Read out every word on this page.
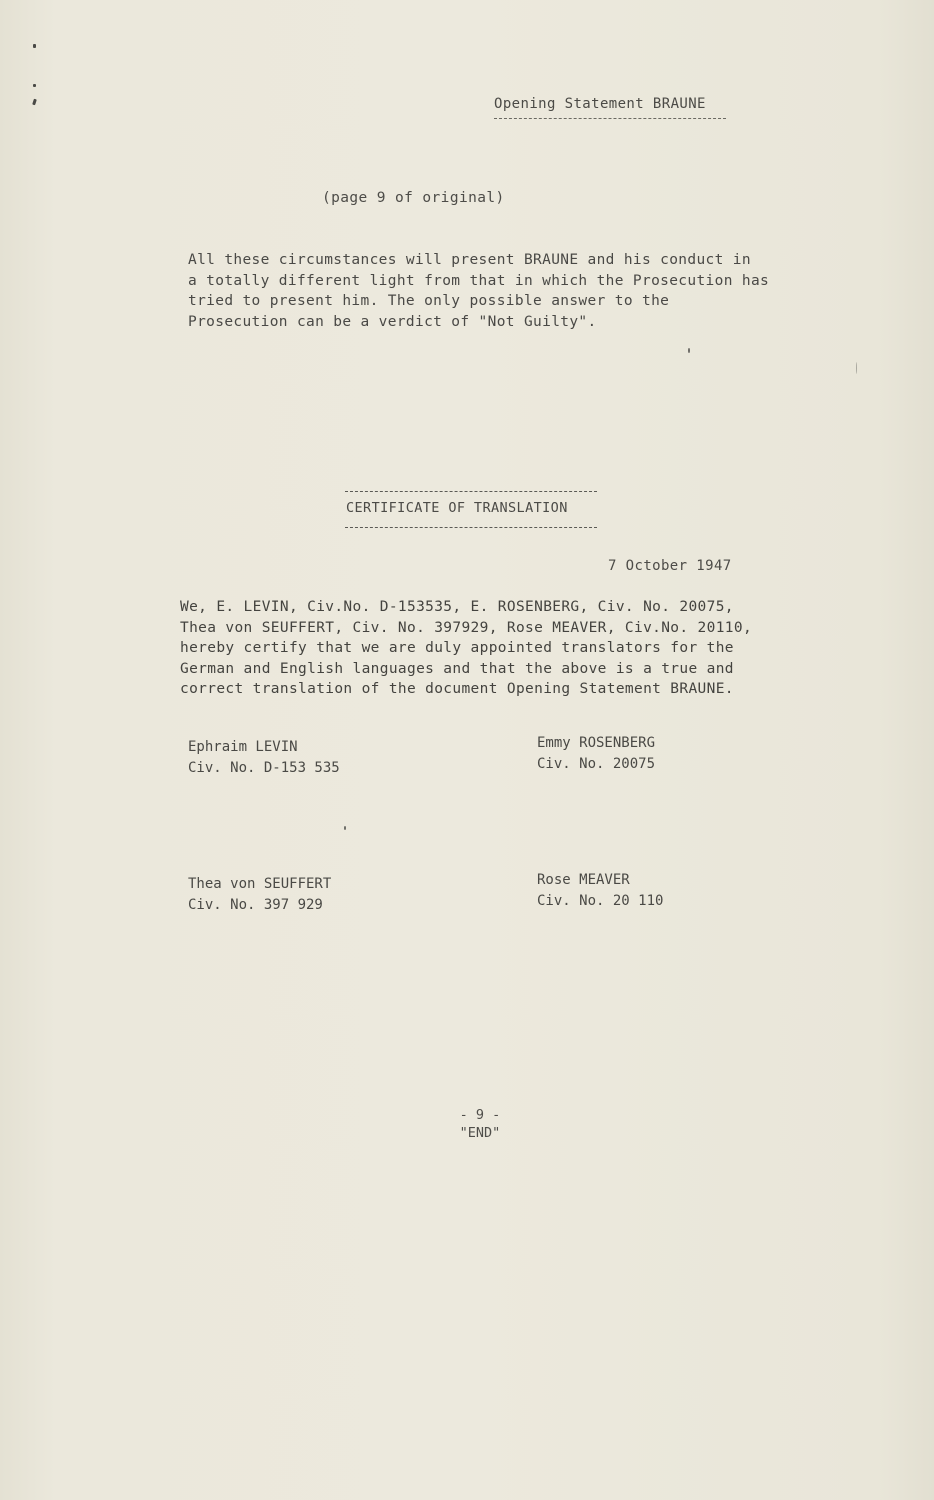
Opening Statement BRAUNE
(page 9 of original)
All these circumstances will present BRAUNE and his conduct in
a totally different light from that in which the Prosecution has
tried to present him. The only possible answer to the
Prosecution can be a verdict of "Not Guilty".
CERTIFICATE OF TRANSLATION
7 October 1947
We, E. LEVIN, Civ.No. D-153535, E. ROSENBERG, Civ. No. 20075,
Thea von SEUFFERT, Civ. No. 397929, Rose MEAVER, Civ.No. 20110,
hereby certify that we are duly appointed translators for the
German and English languages and that the above is a true and
correct translation of the document Opening Statement BRAUNE.
Ephraim LEVIN
Civ. No. D-153 535
Emmy ROSENBERG
Civ. No. 20075
Thea von SEUFFERT
Civ. No. 397 929
Rose MEAVER
Civ. No. 20 110
- 9 -
"END"
